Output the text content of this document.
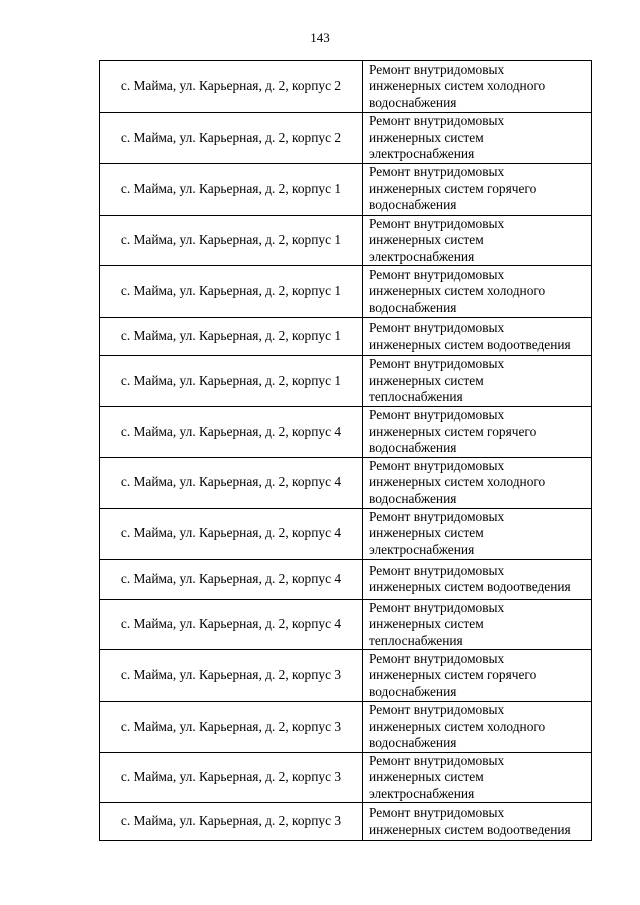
143
с. Майма, ул. Карьерная, д. 2, корпус 2	Ремонт внутридомовых
инженерных систем холодного
водоснабжения

с. Майма, ул. Карьерная, д. 2, корпус 2	Ремонт внутридомовых
инженерных систем
электроснабжения

с. Майма, ул. Карьерная, д. 2, корпус 1	Ремонт внутридомовых
инженерных систем горячего
водоснабжения

с. Майма, ул. Карьерная, д. 2, корпус 1	Ремонт внутридомовых
инженерных систем
электроснабжения

с. Майма, ул. Карьерная, д. 2, корпус 1	Ремонт внутридомовых
инженерных систем холодного
водоснабжения

с. Майма, ул. Карьерная, д. 2, корпус 1	Ремонт внутридомовых
инженерных систем водоотведения

с. Майма, ул. Карьерная, д. 2, корпус 1	Ремонт внутридомовых
инженерных систем
теплоснабжения

с. Майма, ул. Карьерная, д. 2, корпус 4	Ремонт внутридомовых
инженерных систем горячего
водоснабжения

с. Майма, ул. Карьерная, д. 2, корпус 4	Ремонт внутридомовых
инженерных систем холодного
водоснабжения

с. Майма, ул. Карьерная, д. 2, корпус 4	Ремонт внутридомовых
инженерных систем
электроснабжения

с. Майма, ул. Карьерная, д. 2, корпус 4	Ремонт внутридомовых
инженерных систем водоотведения

с. Майма, ул. Карьерная, д. 2, корпус 4	Ремонт внутридомовых
инженерных систем
теплоснабжения

с. Майма, ул. Карьерная, д. 2, корпус 3	Ремонт внутридомовых
инженерных систем горячего
водоснабжения

с. Майма, ул. Карьерная, д. 2, корпус 3	Ремонт внутридомовых
инженерных систем холодного
водоснабжения

с. Майма, ул. Карьерная, д. 2, корпус 3	Ремонт внутридомовых
инженерных систем
электроснабжения

с. Майма, ул. Карьерная, д. 2, корпус 3	Ремонт внутридомовых
инженерных систем водоотведения
